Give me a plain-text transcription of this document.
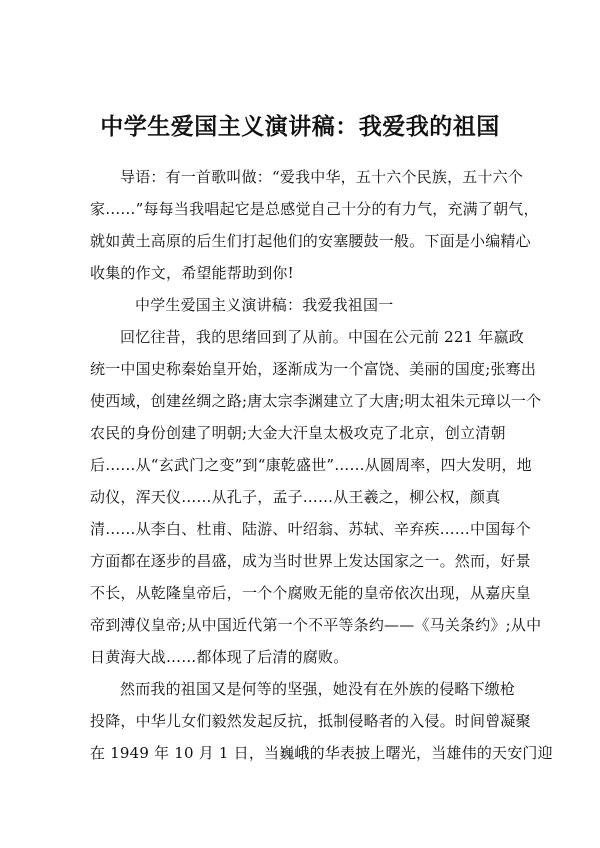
中学生爱国主义演讲稿：我爱我的祖国
导语：有一首歌叫做：“爱我中华，五十六个民族，五十六个
家……”每每当我唱起它是总感觉自己十分的有力气，充满了朝气，
就如黄土高原的后生们打起他们的安塞腰鼓一般。下面是小编精心
收集的作文，希望能帮助到你!
中学生爱国主义演讲稿：我爱我祖国一
回忆往昔，我的思绪回到了从前。中国在公元前 221 年嬴政
统一中国史称秦始皇开始，逐渐成为一个富饶、美丽的国度;张骞出
使西域，创建丝绸之路;唐太宗李渊建立了大唐;明太祖朱元璋以一个
农民的身份创建了明朝;大金大汗皇太极攻克了北京，创立清朝
后……从“玄武门之变”到“康乾盛世”……从圆周率，四大发明，地
动仪，浑天仪……从孔子，孟子……从王羲之，柳公权，颜真
清……从李白、杜甫、陆游、叶绍翁、苏轼、辛弃疾……中国每个
方面都在逐步的昌盛，成为当时世界上发达国家之一。然而，好景
不长，从乾隆皇帝后，一个个腐败无能的皇帝依次出现，从嘉庆皇
帝到溥仪皇帝;从中国近代第一个不平等条约——《马关条约》;从中
日黄海大战……都体现了后清的腐败。
然而我的祖国又是何等的坚强，她没有在外族的侵略下缴枪
投降，中华儿女们毅然发起反抗，抵制侵略者的入侵。时间曾凝聚
在 1949 年 10 月 1 日，当巍峨的华表披上曙光，当雄伟的天安门迎
